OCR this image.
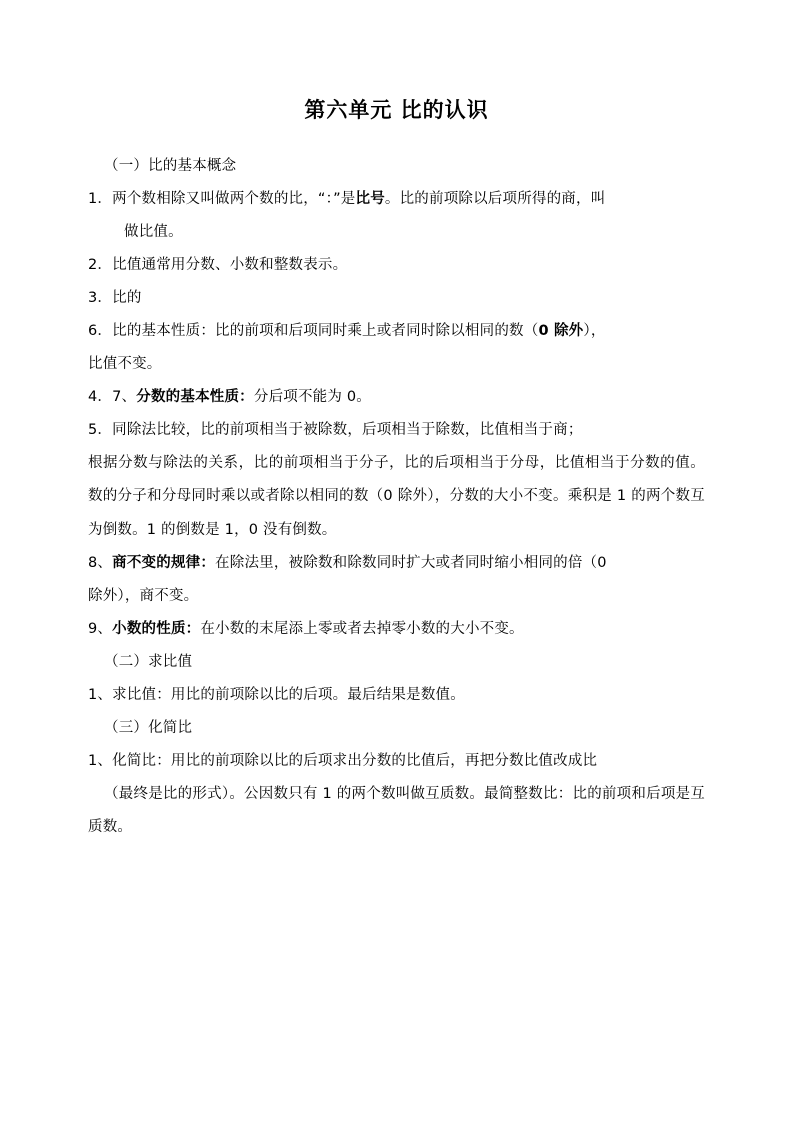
第六单元 比的认识

（一）比的基本概念

1．两个数相除又叫做两个数的比，“：”是比号。比的前项除以后项所得的商，叫

做比值。

2．比值通常用分数、小数和整数表示。

3．比的

6．比的基本性质：比的前项和后项同时乘上或者同时除以相同的数（0 除外），

比值不变。

4．7、分数的基本性质：分后项不能为 0。

5．同除法比较，比的前项相当于被除数，后项相当于除数，比值相当于商；

根据分数与除法的关系，比的前项相当于分子，比的后项相当于分母，比值相当于分数的值。数的分子和分母同时乘以或者除以相同的数（0 除外），分数的大小不变。乘积是 1 的两个数互为倒数。1 的倒数是 1，0 没有倒数。

8、商不变的规律：在除法里，被除数和除数同时扩大或者同时缩小相同的倍（0

除外），商不变。

9、小数的性质：在小数的末尾添上零或者去掉零小数的大小不变。

（二）求比值

1、求比值：用比的前项除以比的后项。最后结果是数值。

（三）化简比

1、化简比：用比的前项除以比的后项求出分数的比值后，再把分数比值改成比

（最终是比的形式）。公因数只有 1 的两个数叫做互质数。最简整数比：比的前项和后项是互质数。
